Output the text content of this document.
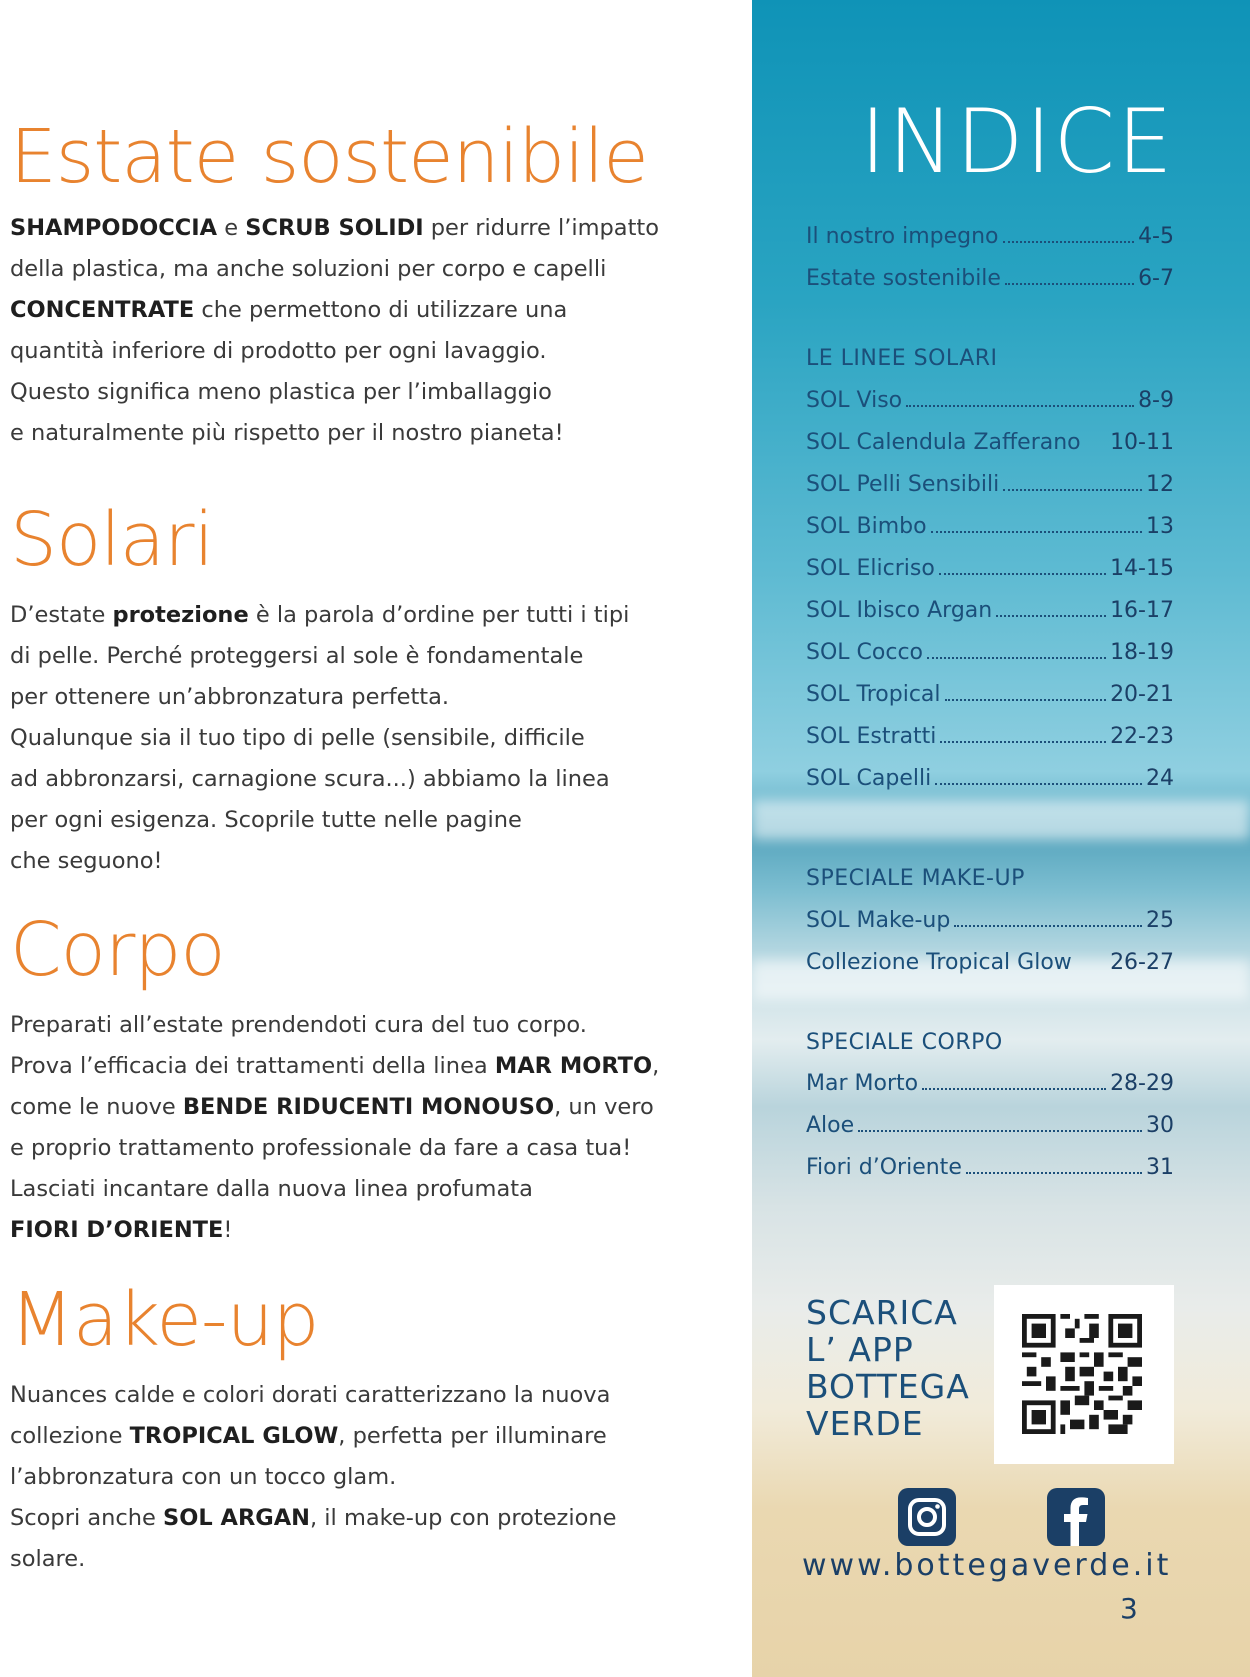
Estate sostenibile

SHAMPODOCCIA e SCRUB SOLIDI per ridurre l’impatto
della plastica, ma anche soluzioni per corpo e capelli
CONCENTRATE che permettono di utilizzare una
quantità inferiore di prodotto per ogni lavaggio.
Questo significa meno plastica per l’imballaggio
e naturalmente più rispetto per il nostro pianeta!

Solari

D’estate protezione è la parola d’ordine per tutti i tipi
di pelle. Perché proteggersi al sole è fondamentale
per ottenere un’abbronzatura perfetta.
Qualunque sia il tuo tipo di pelle (sensibile, difficile
ad abbronzarsi, carnagione scura...) abbiamo la linea
per ogni esigenza. Scoprile tutte nelle pagine
che seguono!

Corpo

Preparati all’estate prendendoti cura del tuo corpo.
Prova l’efficacia dei trattamenti della linea MAR MORTO,
come le nuove BENDE RIDUCENTI MONOUSO, un vero
e proprio trattamento professionale da fare a casa tua!
Lasciati incantare dalla nuova linea profumata
FIORI D’ORIENTE!

Make-up

Nuances calde e colori dorati caratterizzano la nuova
collezione TROPICAL GLOW, perfetta per illuminare
l’abbronzatura con un tocco glam.
Scopri anche SOL ARGAN, il make-up con protezione
solare.

INDICE
Il nostro impegno	4-5
Estate sostenibile	6-7
LE LINEE SOLARI
SOL Viso	8-9
SOL Calendula Zafferano 10-11
SOL Pelli Sensibili	12
SOL Bimbo	13
SOL Elicriso	14-15
SOL Ibisco Argan	16-17
SOL Cocco	18-19
SOL Tropical	20-21
SOL Estratti	22-23
SOL Capelli	24
SPECIALE MAKE-UP
SOL Make-up	25
Collezione Tropical Glow 26-27
SPECIALE CORPO
Mar Morto	28-29
Aloe	30
Fiori d’Oriente	31
SCARICA
L’ APP
BOTTEGA
VERDE
www.bottegaverde.it
3
